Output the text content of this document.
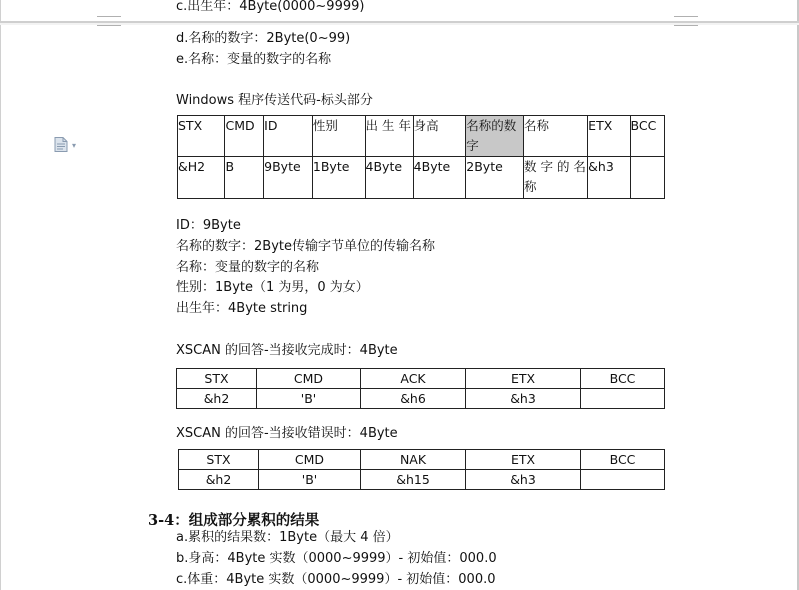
▾
c.出生年：4Byte(0000~9999)
d.名称的数字：2Byte(0~99)
e.名称：变量的数字的名称
Windows 程序传送代码-标头部分
STX	CMD	ID	性别	出 生 年	身高	名称的数字	名称	ETX	BCC
&H2	B	9Byte	1Byte	4Byte	4Byte	2Byte	数 字 的 名称	&h3	
ID：9Byte
名称的数字：2Byte传输字节单位的传输名称
名称：变量的数字的名称
性别：1Byte（1 为男，0 为女）
出生年：4Byte string
XSCAN 的回答-当接收完成时：4Byte
STX	CMD	ACK	ETX	BCC
&h2	'B'	&h6	&h3	
XSCAN 的回答-当接收错误时：4Byte
STX	CMD	NAK	ETX	BCC
&h2	'B'	&h15	&h3	
3-4：组成部分累积的结果
a.累积的结果数：1Byte（最大 4 倍）
b.身高：4Byte 实数（0000~9999）- 初始值：000.0
c.体重：4Byte 实数（0000~9999）- 初始值：000.0
